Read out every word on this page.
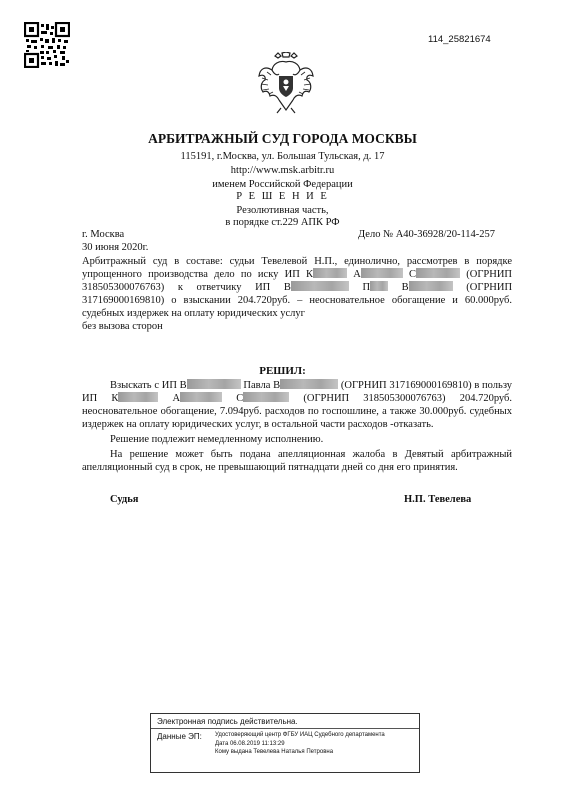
114_25821674
АРБИТРАЖНЫЙ СУД ГОРОДА МОСКВЫ
115191, г.Москва, ул. Большая Тульская, д. 17
http://www.msk.arbitr.ru
именем Российской Федерации
Р Е Ш Е Н И Е
Резолютивная часть,
в порядке ст.229 АПК РФ
г. Москва	Дело № А40-36928/20-114-257
30 июня 2020г.
Арбитражный суд в составе: судьи Тевелевой Н.П., единолично, рассмотрев в порядке упрощенного производства дело по иску ИП К	А	С	(ОГРНИП 318505300076763) к ответчику ИП В	П	В	(ОГРНИП 317169000169810) о взыскании 204.720руб. – неосновательное обогащение и 60.000руб. судебных издержек на оплату юридических услуг
без вызова сторон
РЕШИЛ:
Взыскать с ИП В	Павла В	(ОГРНИП 317169000169810) в пользу ИП К	А	С	(ОГРНИП 318505300076763) 204.720руб. неосновательное обогащение, 7.094руб. расходов по госпошлине, а также 30.000руб. судебных издержек на оплату юридических услуг, в остальной части расходов -отказать.
Решение подлежит немедленному исполнению.
На решение может быть подана апелляционная жалоба в Девятый арбитражный апелляционный суд в срок, не превышающий пятнадцати дней со дня его принятия.
Судья	Н.П. Тевелева
Электронная подпись действительна.
Данные ЭП: Удостоверяющий центр ФГБУ ИАЦ Судебного департамента
Дата 06.08.2019 11:13:29
Кому выдана Тевелева Наталья Петровна
